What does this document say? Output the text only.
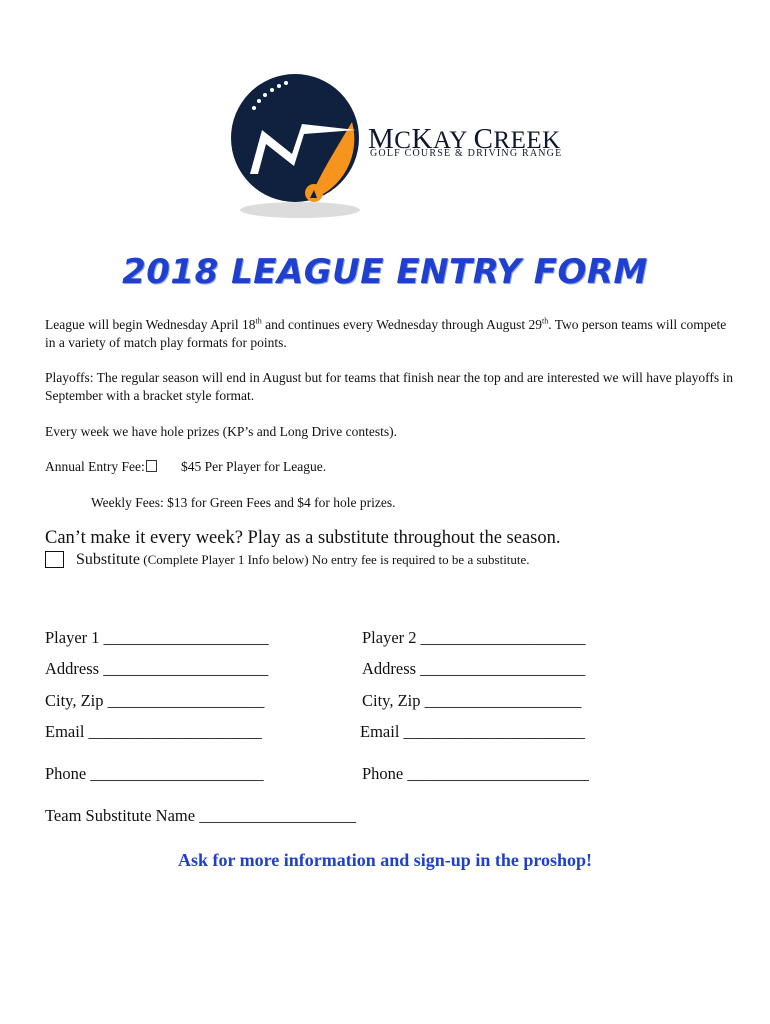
MCKAY CREEK
GOLF COURSE & DRIVING RANGE
2018 LEAGUE ENTRY FORM
League will begin Wednesday April 18th and continues every Wednesday through August 29th. Two person teams will compete in a variety of match play formats for points.
Playoffs: The regular season will end in August but for teams that finish near the top and are interested we will have playoffs in September with a bracket style format.
Every week we have hole prizes (KP’s and Long Drive contests).
Annual Entry Fee:	$45 Per Player for League.
Weekly Fees: $13 for Green Fees and $4 for hole prizes.
Can’t make it every week? Play as a substitute throughout the season.
Substitute (Complete Player 1 Info below) No entry fee is required to be a substitute.
Player 1 ____________________
Address ____________________
City, Zip ___________________
Email _____________________
Phone _____________________
Player 2 ____________________
Address ____________________
City, Zip ___________________
Email ______________________
Phone ______________________
Team Substitute Name ___________________
Ask for more information and sign-up in the proshop!
